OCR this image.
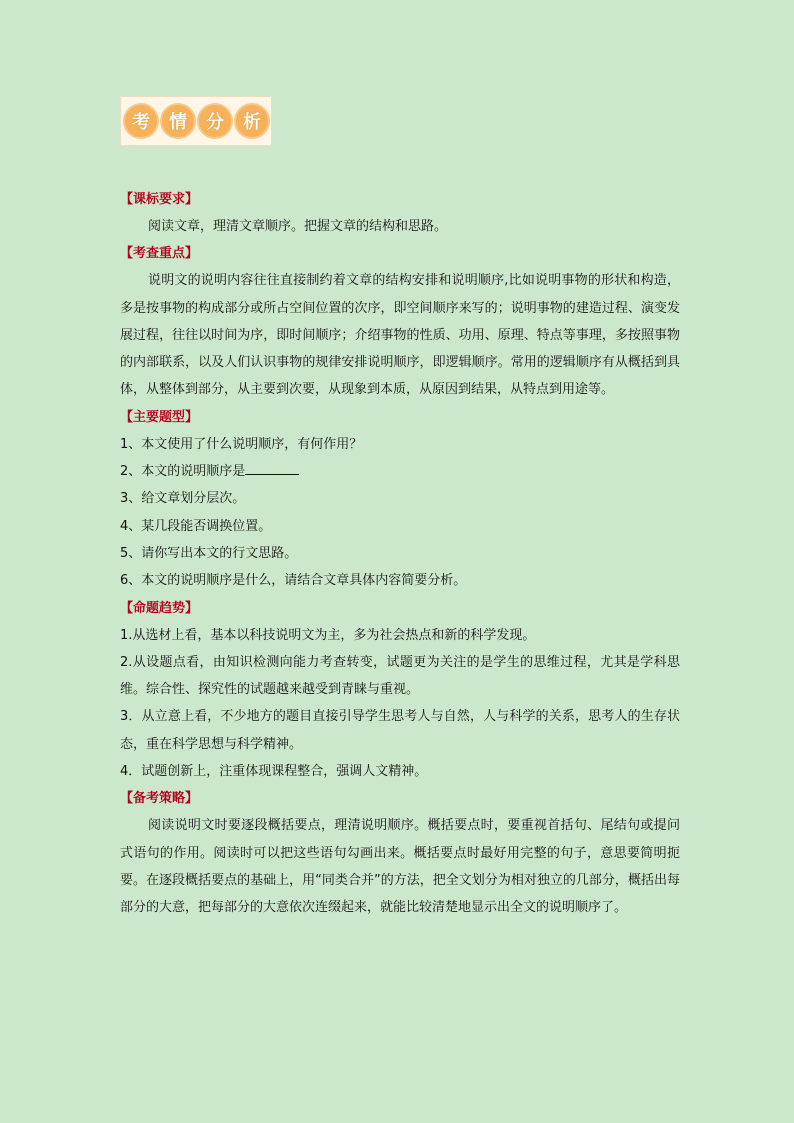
考	情	分	析
【课标要求】

阅读文章，理清文章顺序。把握文章的结构和思路。

【考查重点】

说明文的说明内容往往直接制约着文章的结构安排和说明顺序,比如说明事物的形状和构造，多是按事物的构成部分或所占空间位置的次序，即空间顺序来写的；说明事物的建造过程、演变发展过程，往往以时间为序，即时间顺序；介绍事物的性质、功用、原理、特点等事理，多按照事物的内部联系，以及人们认识事物的规律安排说明顺序，即逻辑顺序。常用的逻辑顺序有从概括到具体，从整体到部分，从主要到次要，从现象到本质，从原因到结果，从特点到用途等。

【主要题型】

1、本文使用了什么说明顺序，有何作用？

2、本文的说明顺序是

3、给文章划分层次。

4、某几段能否调换位置。

5、请你写出本文的行文思路。

6、本文的说明顺序是什么，请结合文章具体内容简要分析。

【命题趋势】

1.从选材上看，基本以科技说明文为主，多为社会热点和新的科学发现。

2.从设题点看，由知识检测向能力考查转变，试题更为关注的是学生的思维过程，尤其是学科思维。综合性、探究性的试题越来越受到青睐与重视。

3．从立意上看，不少地方的题目直接引导学生思考人与自然，人与科学的关系，思考人的生存状态，重在科学思想与科学精神。

4．试题创新上，注重体现课程整合，强调人文精神。

【备考策略】

阅读说明文时要逐段概括要点，理清说明顺序。概括要点时，要重视首括句、尾结句或提问式语句的作用。阅读时可以把这些语句勾画出来。概括要点时最好用完整的句子，意思要简明扼要。在逐段概括要点的基础上，用“同类合并”的方法，把全文划分为相对独立的几部分，概括出每部分的大意，把每部分的大意依次连缀起来，就能比较清楚地显示出全文的说明顺序了。
